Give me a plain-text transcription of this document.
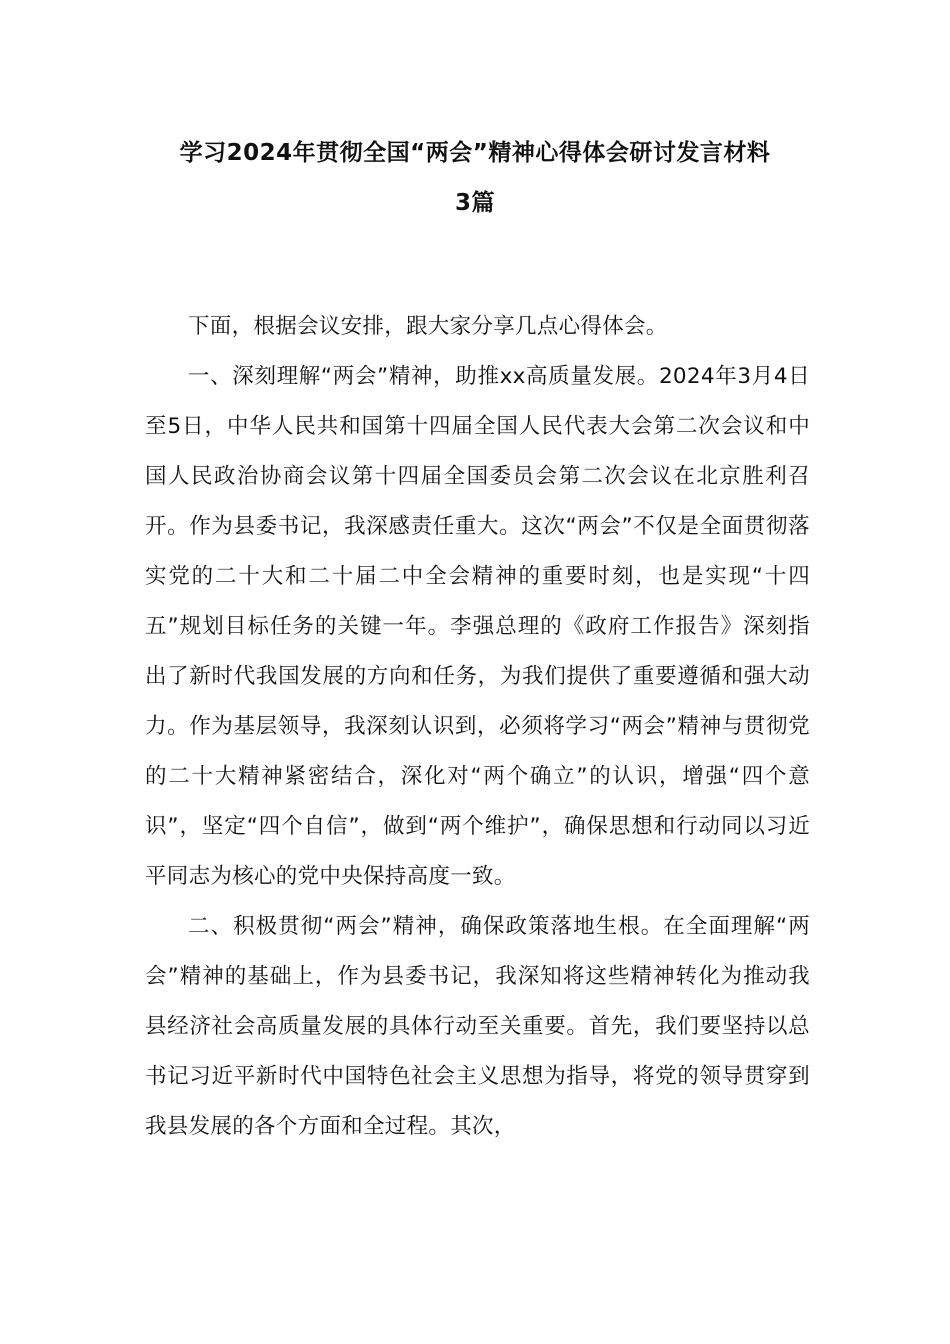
学习2024年贯彻全国“两会”精神心得体会研讨发言材料
3篇

下面，根据会议安排，跟大家分享几点心得体会。

一、深刻理解“两会”精神，助推xx高质量发展。2024年3月4日至5日，中华人民共和国第十四届全国人民代表大会第二次会议和中国人民政治协商会议第十四届全国委员会第二次会议在北京胜利召开。作为县委书记，我深感责任重大。这次“两会”不仅是全面贯彻落实党的二十大和二十届二中全会精神的重要时刻，也是实现“十四五”规划目标任务的关键一年。李强总理的《政府工作报告》深刻指出了新时代我国发展的方向和任务，为我们提供了重要遵循和强大动力。作为基层领导，我深刻认识到，必须将学习“两会”精神与贯彻党的二十大精神紧密结合，深化对“两个确立”的认识，增强“四个意识”，坚定“四个自信”，做到“两个维护”，确保思想和行动同以习近平同志为核心的党中央保持高度一致。

二、积极贯彻“两会”精神，确保政策落地生根。在全面理解“两会”精神的基础上，作为县委书记，我深知将这些精神转化为推动我县经济社会高质量发展的具体行动至关重要。首先，我们要坚持以总书记习近平新时代中国特色社会主义思想为指导，将党的领导贯穿到我县发展的各个方面和全过程。其次，
